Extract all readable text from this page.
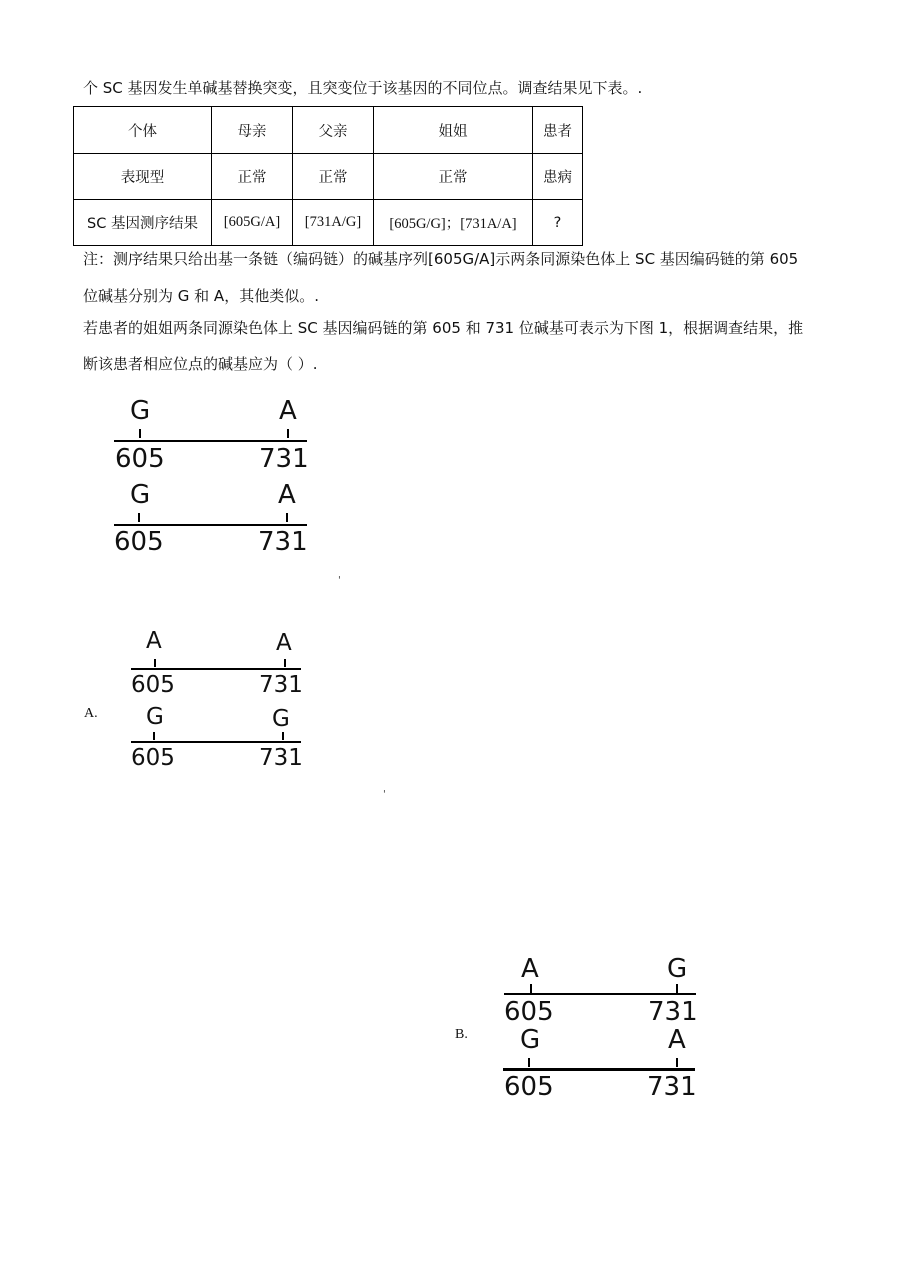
个 SC 基因发生单碱基替换突变，且突变位于该基因的不同位点。调查结果见下表。.
个体	母亲	父亲	姐姐	患者
表现型	正常	正常	正常	患病
SC 基因测序结果	[605G/A]	[731A/G]	[605G/G]；[731A/A]	?
注：测序结果只给出基一条链（编码链）的碱基序列[605G/A]示两条同源染色体上 SC 基因编码链的第 605
位碱基分别为 G 和 A，其他类似。.
若患者的姐姐两条同源染色体上 SC 基因编码链的第 605 和 731 位碱基可表示为下图 1，根据调查结果，推
断该患者相应位点的碱基应为（ ）.
G	A
605	731
G	A
605	731
'
A.
A	A
605	731
G	G
605	731
'
B.
A	G
605	731
G	A
605	731
